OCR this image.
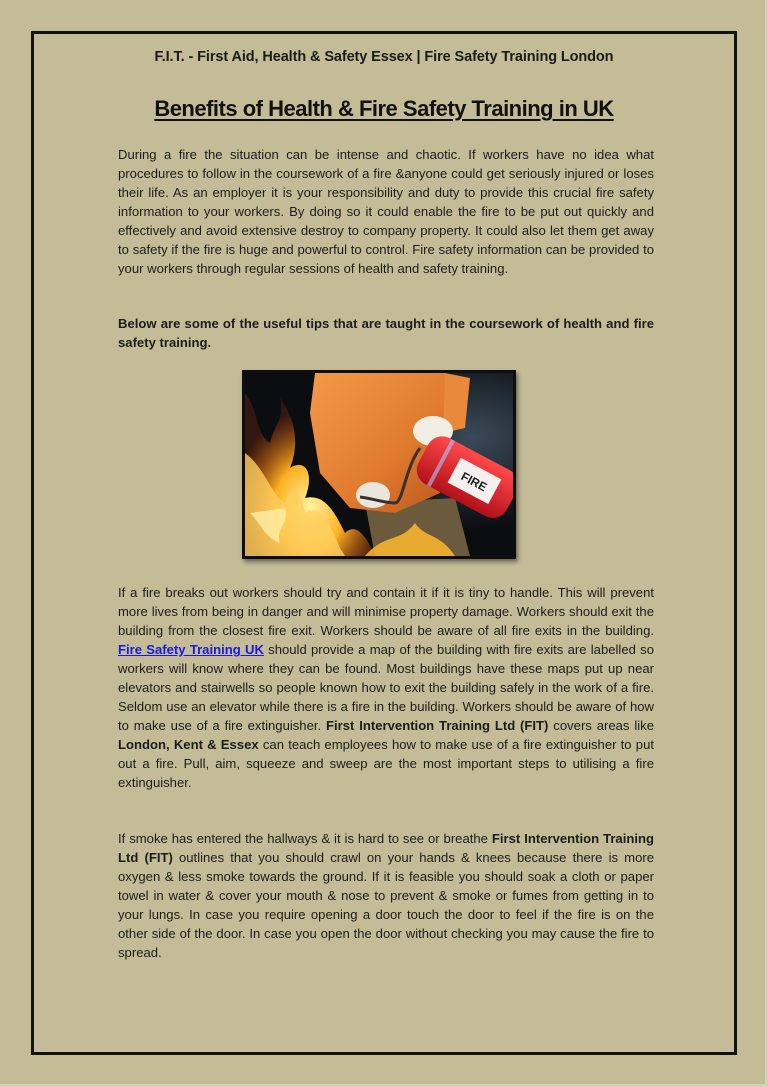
F.I.T. - First Aid, Health & Safety Essex | Fire Safety Training London
Benefits of Health & Fire Safety Training in UK

During a fire the situation can be intense and chaotic. If workers have no idea what procedures to follow in the coursework of a fire &anyone could get seriously injured or loses their life. As an employer it is your responsibility and duty to provide this crucial fire safety information to your workers. By doing so it could enable the fire to be put out quickly and effectively and avoid extensive destroy to company property. It could also let them get away to safety if the fire is huge and powerful to control. Fire safety information can be provided to your workers through regular sessions of health and safety training.

Below are some of the useful tips that are taught in the coursework of health and fire safety training.

FIRE

If a fire breaks out workers should try and contain it if it is tiny to handle. This will prevent more lives from being in danger and will minimise property damage. Workers should exit the building from the closest fire exit. Workers should be aware of all fire exits in the building. Fire Safety Training UK should provide a map of the building with fire exits are labelled so workers will know where they can be found. Most buildings have these maps put up near elevators and stairwells so people known how to exit the building safely in the work of a fire. Seldom use an elevator while there is a fire in the building. Workers should be aware of how to make use of a fire extinguisher. First Intervention Training Ltd (FIT) covers areas like London, Kent & Essex can teach employees how to make use of a fire extinguisher to put out a fire. Pull, aim, squeeze and sweep are the most important steps to utilising a fire extinguisher.

If smoke has entered the hallways & it is hard to see or breathe First Intervention Training Ltd (FIT) outlines that you should crawl on your hands & knees because there is more oxygen & less smoke towards the ground. If it is feasible you should soak a cloth or paper towel in water & cover your mouth & nose to prevent & smoke or fumes from getting in to your lungs. In case you require opening a door touch the door to feel if the fire is on the other side of the door. In case you open the door without checking you may cause the fire to spread.
